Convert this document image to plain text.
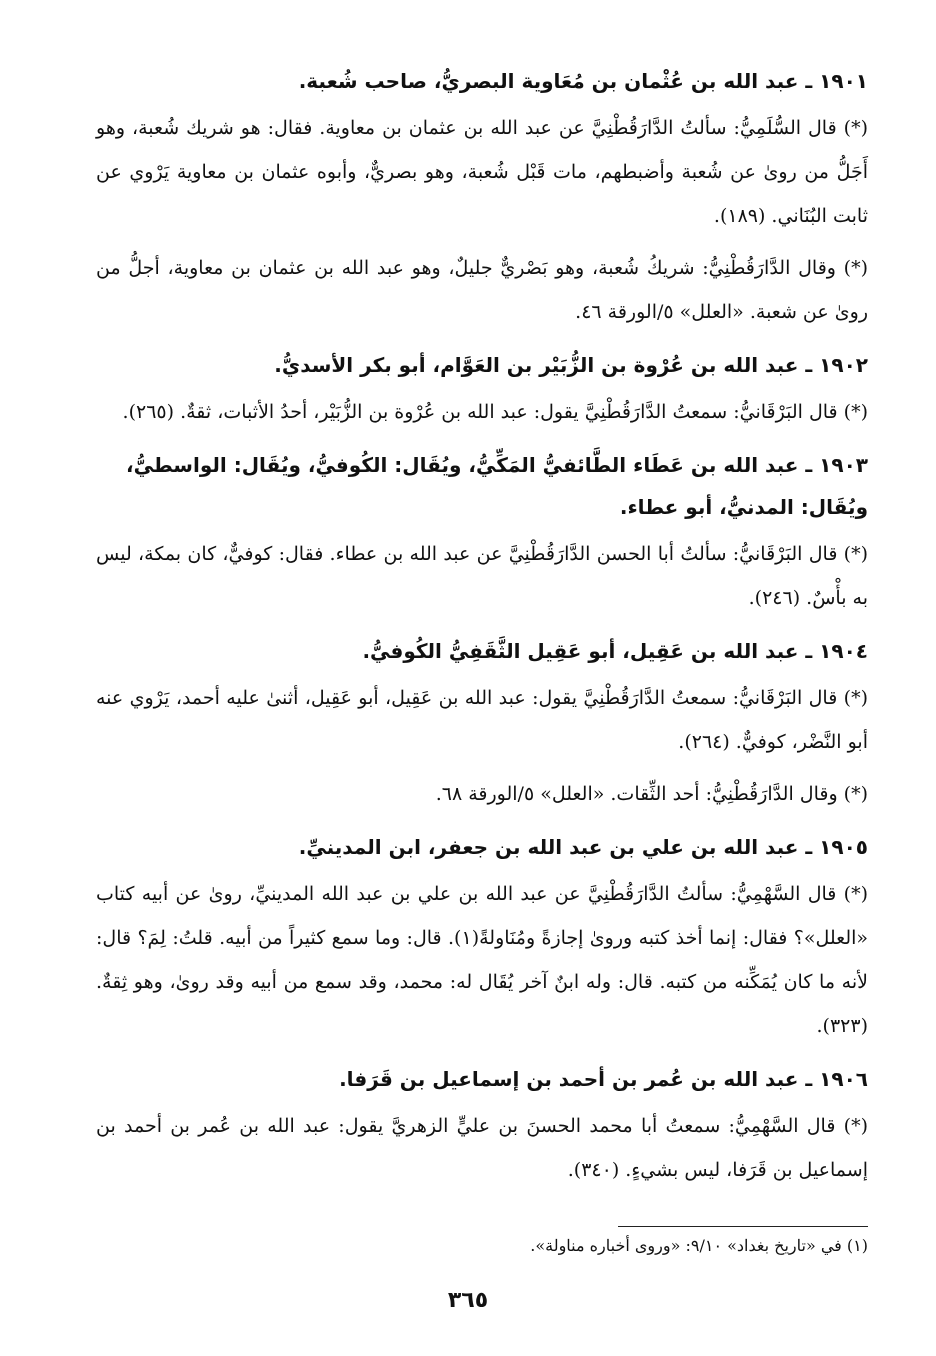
١٩٠١ ـ عبد الله بن عُثْمان بن مُعَاوية البصريُّ، صاحب شُعبة.

(*) قال السُّلَمِيُّ: سألتُ الدَّارَقُطْنِيَّ عن عبد الله بن عثمان بن معاوية. فقال: هو شريك شُعبة، وهو أَجَلُّ من روىٰ عن شُعبة وأضبطهم، مات قَبْل شُعبة، وهو بصريٌّ، وأبوه عثمان بن معاوية يَرْوي عن ثابت البُنَاني. (١٨٩).

(*) وقال الدَّارَقُطْنِيُّ: شريكُ شُعبة، وهو بَصْريٌّ جليلٌ، وهو عبد الله بن عثمان بن معاوية، أجلُّ من روىٰ عن شعبة. «العلل» ٥/الورقة ٤٦.

١٩٠٢ ـ عبد الله بن عُرْوة بن الزُّبَيْر بن العَوَّام، أبو بكر الأسديُّ.

(*) قال البَرْقَانيُّ: سمعتُ الدَّارَقُطْنِيَّ يقول: عبد الله بن عُرْوة بن الزُّبَيْر، أحدُ الأثبات، ثقةٌ. (٢٦٥).

١٩٠٣ ـ عبد الله بن عَطَاء الطَّائفيُّ المَكِّيُّ، ويُقَال: الكُوفيُّ، ويُقَال: الواسطيُّ، ويُقَال: المدنيُّ، أبو عطاء.

(*) قال البَرْقَانيُّ: سألتُ أبا الحسن الدَّارَقُطْنِيَّ عن عبد الله بن عطاء. فقال: كوفيٌّ، كان بمكة، ليس به بأْسٌ. (٢٤٦).

١٩٠٤ ـ عبد الله بن عَقِيل، أبو عَقِيل الثَّقَفِيُّ الكُوفيُّ.

(*) قال البَرْقَانيُّ: سمعتُ الدَّارَقُطْنِيَّ يقول: عبد الله بن عَقِيل، أبو عَقِيل، أثنىٰ عليه أحمد، يَرْوي عنه أبو النَّضْر، كوفيٌّ. (٢٦٤).

(*) وقال الدَّارَقُطْنِيُّ: أحد الثِّقات. «العلل» ٥/الورقة ٦٨.

١٩٠٥ ـ عبد الله بن علي بن عبد الله بن جعفر، ابن المدينيِّ.

(*) قال السَّهْمِيُّ: سألتُ الدَّارَقُطْنِيَّ عن عبد الله بن علي بن عبد الله المدينيِّ، روىٰ عن أبيه كتاب «العلل»؟ فقال: إنما أخذ كتبه وروىٰ إجازةً ومُنَاولةً(١). قال: وما سمع كثيراً من أبيه. قلتُ: لِمَ؟ قال: لأنه ما كان يُمَكِّنه من كتبه. قال: وله ابنٌ آخر يُقَال له: محمد، وقد سمع من أبيه وقد روىٰ، وهو ثِقةٌ. (٣٢٣).

١٩٠٦ ـ عبد الله بن عُمر بن أحمد بن إسماعيل بن قَرَفا.

(*) قال السَّهْمِيُّ: سمعتُ أبا محمد الحسنَ بن عليٍّ الزهريَّ يقول: عبد الله بن عُمر بن أحمد بن إسماعيل بن قَرَفا، ليس بشيءٍ. (٣٤٠).

(١) في «تاريخ بغداد» ٩/١٠: «وروى أخباره مناولة».
٣٦٥
